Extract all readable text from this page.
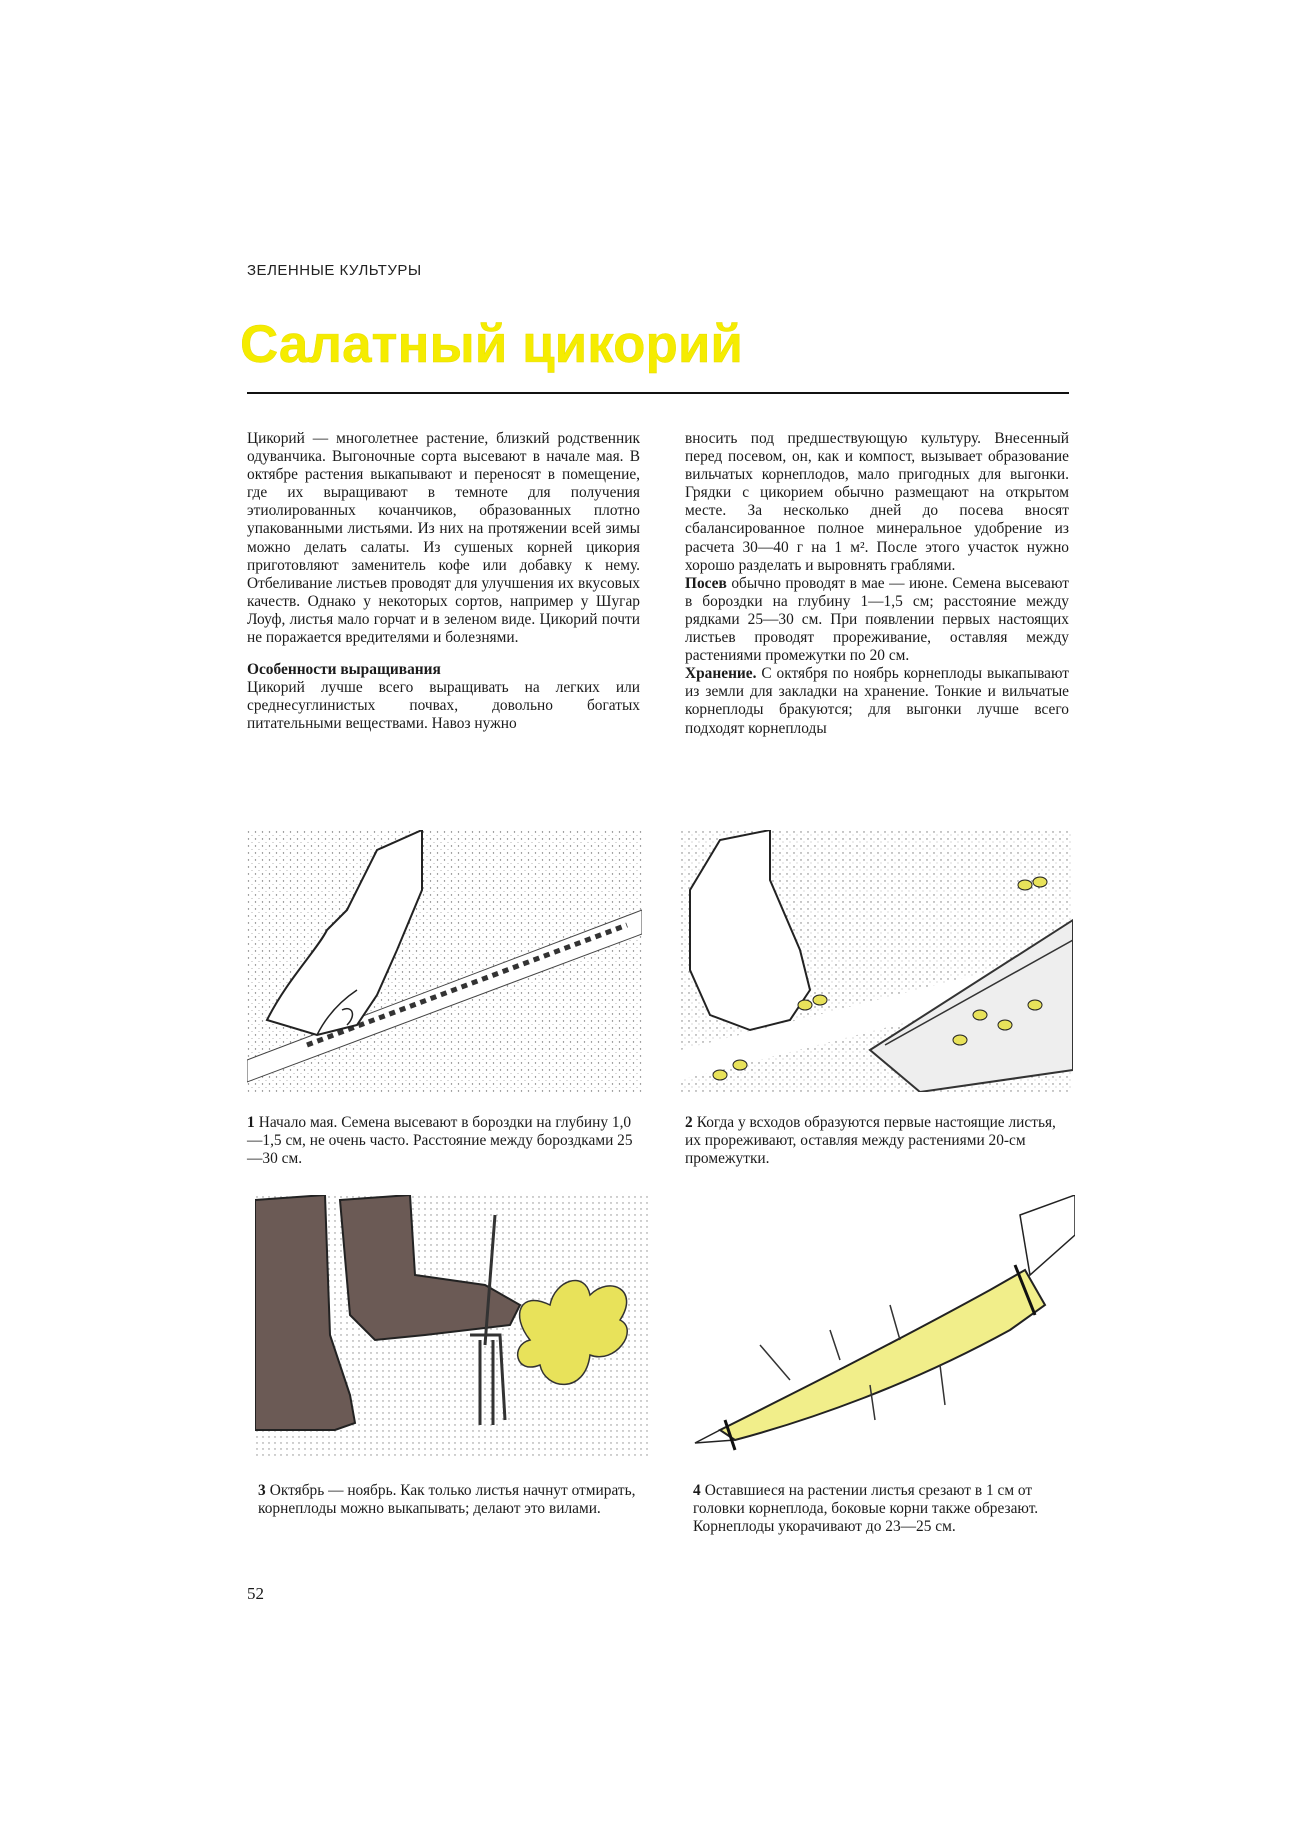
ЗЕЛЕННЫЕ КУЛЬТУРЫ
Салатный цикорий

Цикорий — многолетнее растение, близкий родственник одуванчика. Выгоночные сорта высевают в начале мая. В октябре растения выкапывают и переносят в помещение, где их выращивают в темноте для получения этиолированных кочанчиков, образованных плотно упакованными листьями. Из них на протяжении всей зимы можно делать салаты. Из сушеных корней цикория приготовляют заменитель кофе или добавку к нему. Отбеливание листьев проводят для улучшения их вкусовых качеств. Однако у некоторых сортов, например у Шугар Лоуф, листья мало горчат и в зеленом виде. Цикорий почти не поражается вредителями и болезнями.

Особенности выращивания

Цикорий лучше всего выращивать на легких или среднесуглинистых почвах, довольно богатых питательными веществами. Навоз нужно

вносить под предшествующую культуру. Внесенный перед посевом, он, как и компост, вызывает образование вильчатых корнеплодов, мало пригодных для выгонки. Грядки с цикорием обычно размещают на открытом месте. За несколько дней до посева вносят сбалансированное полное минеральное удобрение из расчета 30—40 г на 1 м². После этого участок нужно хорошо разделать и выровнять граблями.

Посев обычно проводят в мае — июне. Семена высевают в бороздки на глубину 1—1,5 см; расстояние между рядками 25—30 см. При появлении первых настоящих листьев проводят прореживание, оставляя между растениями промежутки по 20 см.

Хранение. С октября по ноябрь корнеплоды выкапывают из земли для закладки на хранение. Тонкие и вильчатые корнеплоды бракуются; для выгонки лучше всего подходят корнеплоды

1 Начало мая. Семена высевают в бороздки на глубину 1,0—1,5 см, не очень часто. Расстояние между бороздками 25—30 см.
2 Когда у всходов образуются первые настоящие листья, их прореживают, оставляя между растениями 20-см промежутки.
3 Октябрь — ноябрь. Как только листья начнут отмирать, корнеплоды можно выкапывать; делают это вилами.
4 Оставшиеся на растении листья срезают в 1 см от головки корнеплода, боковые корни также обрезают. Корнеплоды укорачивают до 23—25 см.
52
